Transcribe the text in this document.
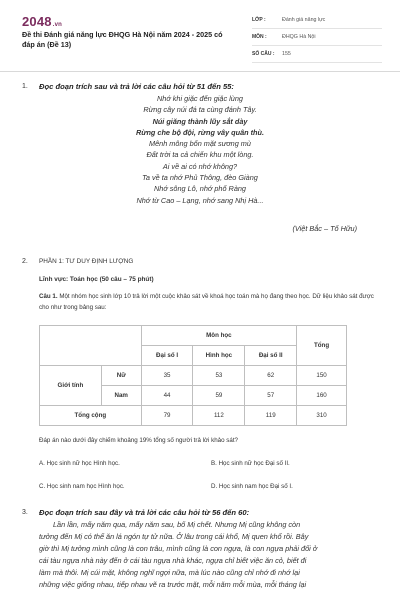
2048.vn
Đề thi Đánh giá năng lực ĐHQG Hà Nội năm 2024 - 2025 có đáp án (Đề 13)
LỚP :	Đánh giá năng lực
MÔN :	ĐHQG Hà Nội
SỐ CÂU :	155
1. Đọc đoạn trích sau và trả lời các câu hỏi từ 51 đến 55:
Nhớ khi giặc đến giặc lùng
Rừng cây núi đá ta cùng đánh Tây.
Núi giăng thành lũy sắt dày
Rừng che bộ đội, rừng vây quân thù.
Mênh mông bốn mặt sương mù
Đất trời ta cả chiến khu một lòng.
Ai về ai có nhớ không?
Ta về ta nhớ Phủ Thông, đèo Giàng
Nhớ sông Lô, nhớ phố Ràng
Nhớ từ Cao – Lạng, nhớ sang Nhị Hà...
(Việt Bắc – Tố Hữu)
2. PHẦN 1: TƯ DUY ĐỊNH LƯỢNG
Lĩnh vực: Toán học (50 câu – 75 phút)
Câu 1. Một nhóm học sinh lớp 10 trả lời một cuộc khảo sát về khoá học toán mà họ đang theo học. Dữ liệu khảo sát được cho như trong bảng sau:
		Môn học			Tổng
		Đại số I	Hình học	Đại số II	
Giới tính	Nữ	35	53	62	150
	Nam	44	59	57	160
Tổng cộng		79	112	119	310
Đáp án nào dưới đây chiếm khoảng 19% tổng số người trả lời khảo sát?
A. Học sinh nữ học Hình học.	B. Học sinh nữ học Đại số II.
C. Học sinh nam học Hình học.	D. Học sinh nam học Đại số I.
3. Đọc đoạn trích sau đây và trả lời các câu hỏi từ 56 đến 60:
Lần lần, mấy năm qua, mấy năm sau, bố Mị chết. Nhưng Mị cũng không còn
tưởng đến Mị có thể ăn lá ngón tự tử nữa. Ở lâu trong cái khổ, Mị quen khổ rồi. Bây
giờ thì Mị tưởng mình cũng là con trâu, mình cũng là con ngựa, là con ngựa phải đổi ở
cái tàu ngựa nhà này đến ở cái tàu ngựa nhà khác, ngựa chỉ biết việc ăn cỏ, biết đi
làm mà thôi. Mị cúi mặt, không nghĩ ngợi nữa, mà lúc nào cũng chỉ nhớ đi nhớ lại
những việc giống nhau, tiếp nhau vẽ ra trước mặt, mỗi năm mỗi mùa, mỗi tháng lại
